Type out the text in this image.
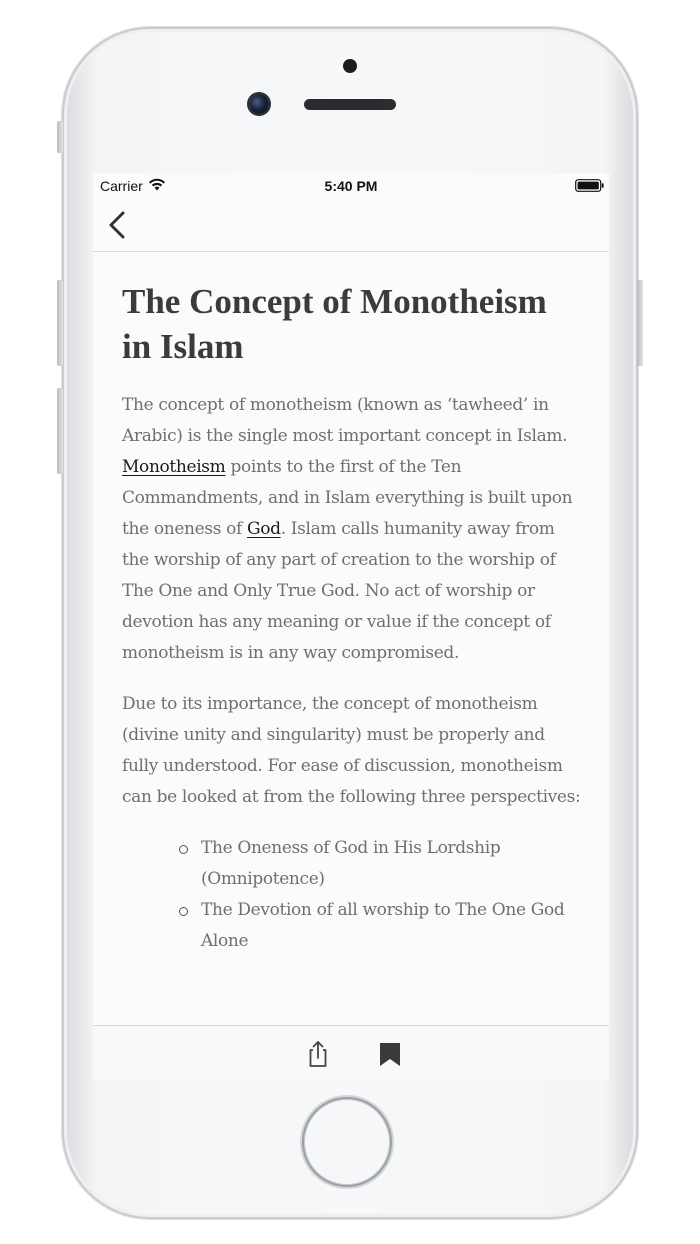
Carrier	5:40 PM
The Concept of Monotheism in Islam

The concept of monotheism (known as ‘tawheed’ in Arabic) is the single most important concept in Islam. Monotheism points to the first of the Ten Commandments, and in Islam everything is built upon the oneness of God. Islam calls humanity away from the worship of any part of creation to the worship of The One and Only True God. No act of worship or devotion has any meaning or value if the concept of monotheism is in any way compromised.

Due to its importance, the concept of monotheism (divine unity and singularity) must be properly and fully understood. For ease of discussion, monotheism can be looked at from the following three perspectives:

The Oneness of God in His Lordship (Omnipotence)
The Devotion of all worship to The One God Alone
